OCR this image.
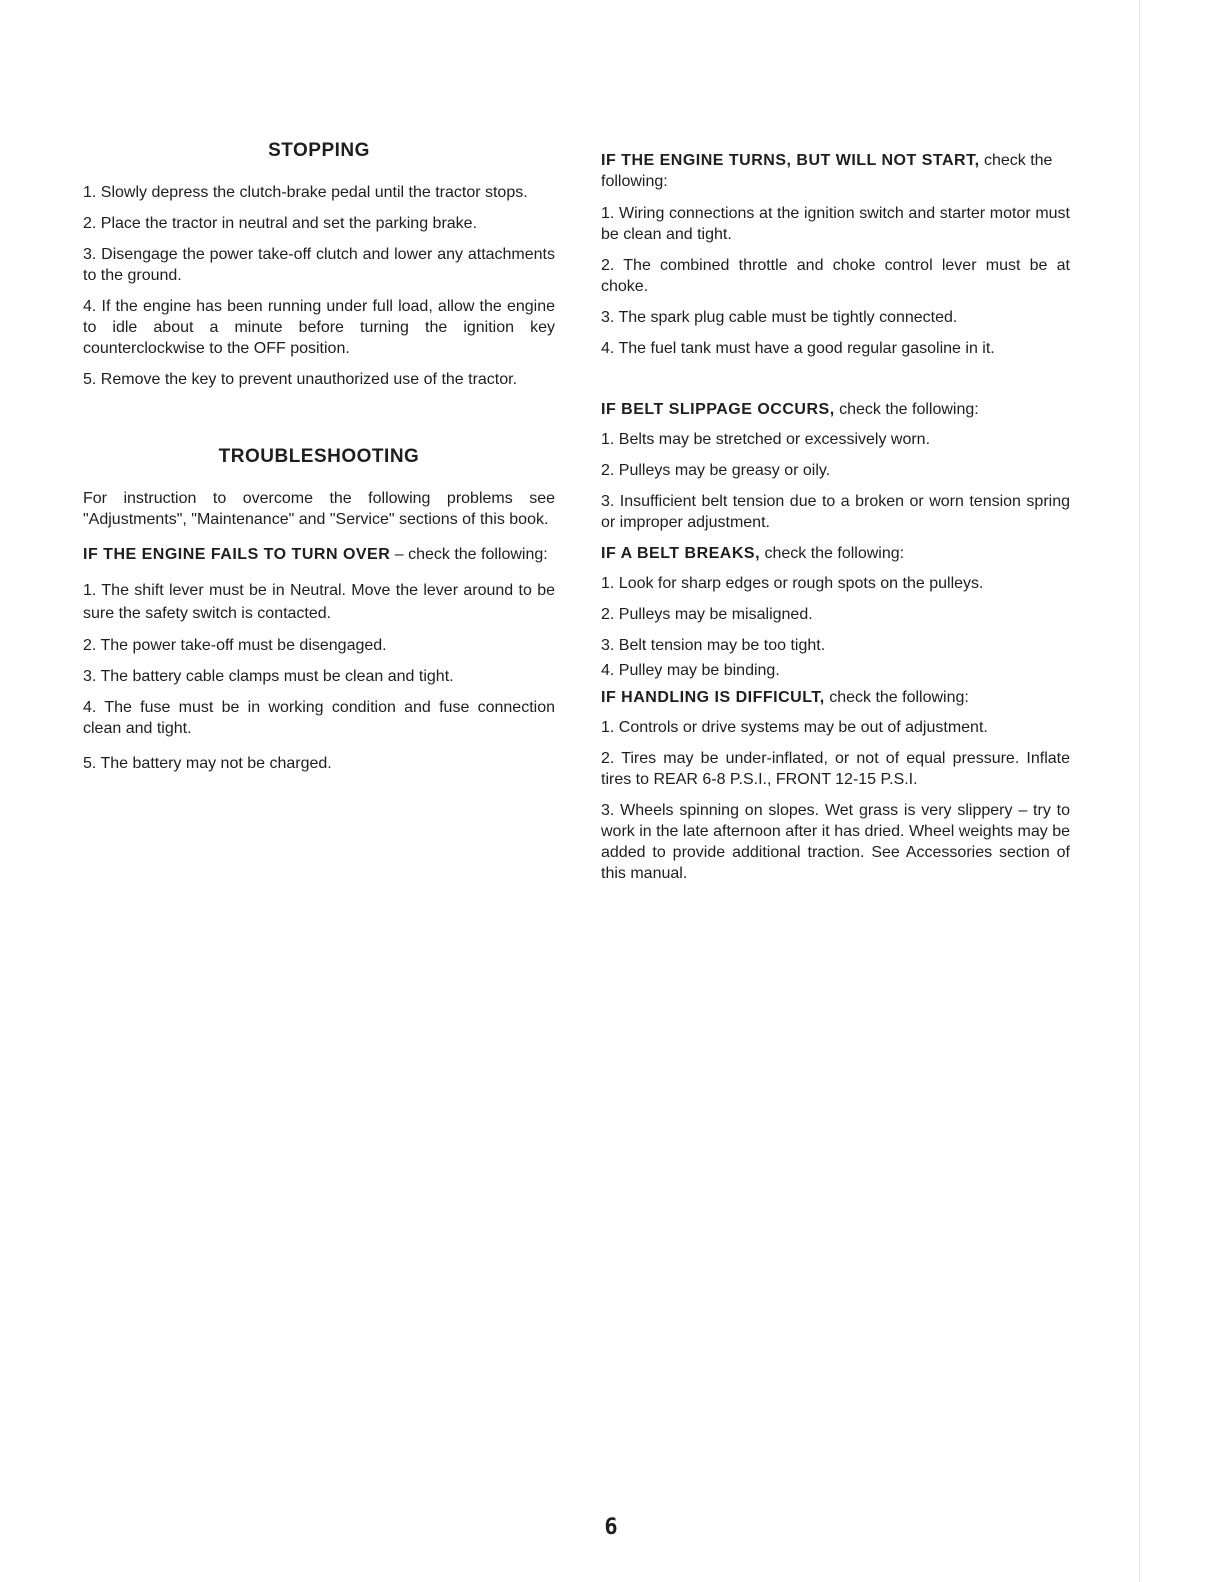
STOPPING

1. Slowly depress the clutch-brake pedal until the tractor stops.

2. Place the tractor in neutral and set the parking brake.

3. Disengage the power take-off clutch and lower any attachments to the ground.

4. If the engine has been running under full load, allow the engine to idle about a minute before turning the ignition key counterclockwise to the OFF position.

5. Remove the key to prevent unauthorized use of the tractor.

TROUBLESHOOTING

For instruction to overcome the following problems see "Adjustments", "Maintenance" and "Service" sections of this book.

IF THE ENGINE FAILS TO TURN OVER – check the following:

1. The shift lever must be in Neutral. Move the lever around to be sure the safety switch is contacted.

2. The power take-off must be disengaged.

3. The battery cable clamps must be clean and tight.

4. The fuse must be in working condition and fuse connection clean and tight.

5. The battery may not be charged.

IF THE ENGINE TURNS, BUT WILL NOT START, check the following:

1. Wiring connections at the ignition switch and starter motor must be clean and tight.

2. The combined throttle and choke control lever must be at choke.

3. The spark plug cable must be tightly connected.

4. The fuel tank must have a good regular gasoline in it.

IF BELT SLIPPAGE OCCURS, check the following:

1. Belts may be stretched or excessively worn.

2. Pulleys may be greasy or oily.

3. Insufficient belt tension due to a broken or worn tension spring or improper adjustment.

IF A BELT BREAKS, check the following:

1. Look for sharp edges or rough spots on the pulleys.

2. Pulleys may be misaligned.

3. Belt tension may be too tight.

4. Pulley may be binding.

IF HANDLING IS DIFFICULT, check the following:

1. Controls or drive systems may be out of adjustment.

2. Tires may be under-inflated, or not of equal pressure. Inflate tires to REAR 6-8 P.S.I., FRONT 12-15 P.S.I.

3. Wheels spinning on slopes. Wet grass is very slippery – try to work in the late afternoon after it has dried. Wheel weights may be added to provide additional traction. See Accessories section of this manual.

6
